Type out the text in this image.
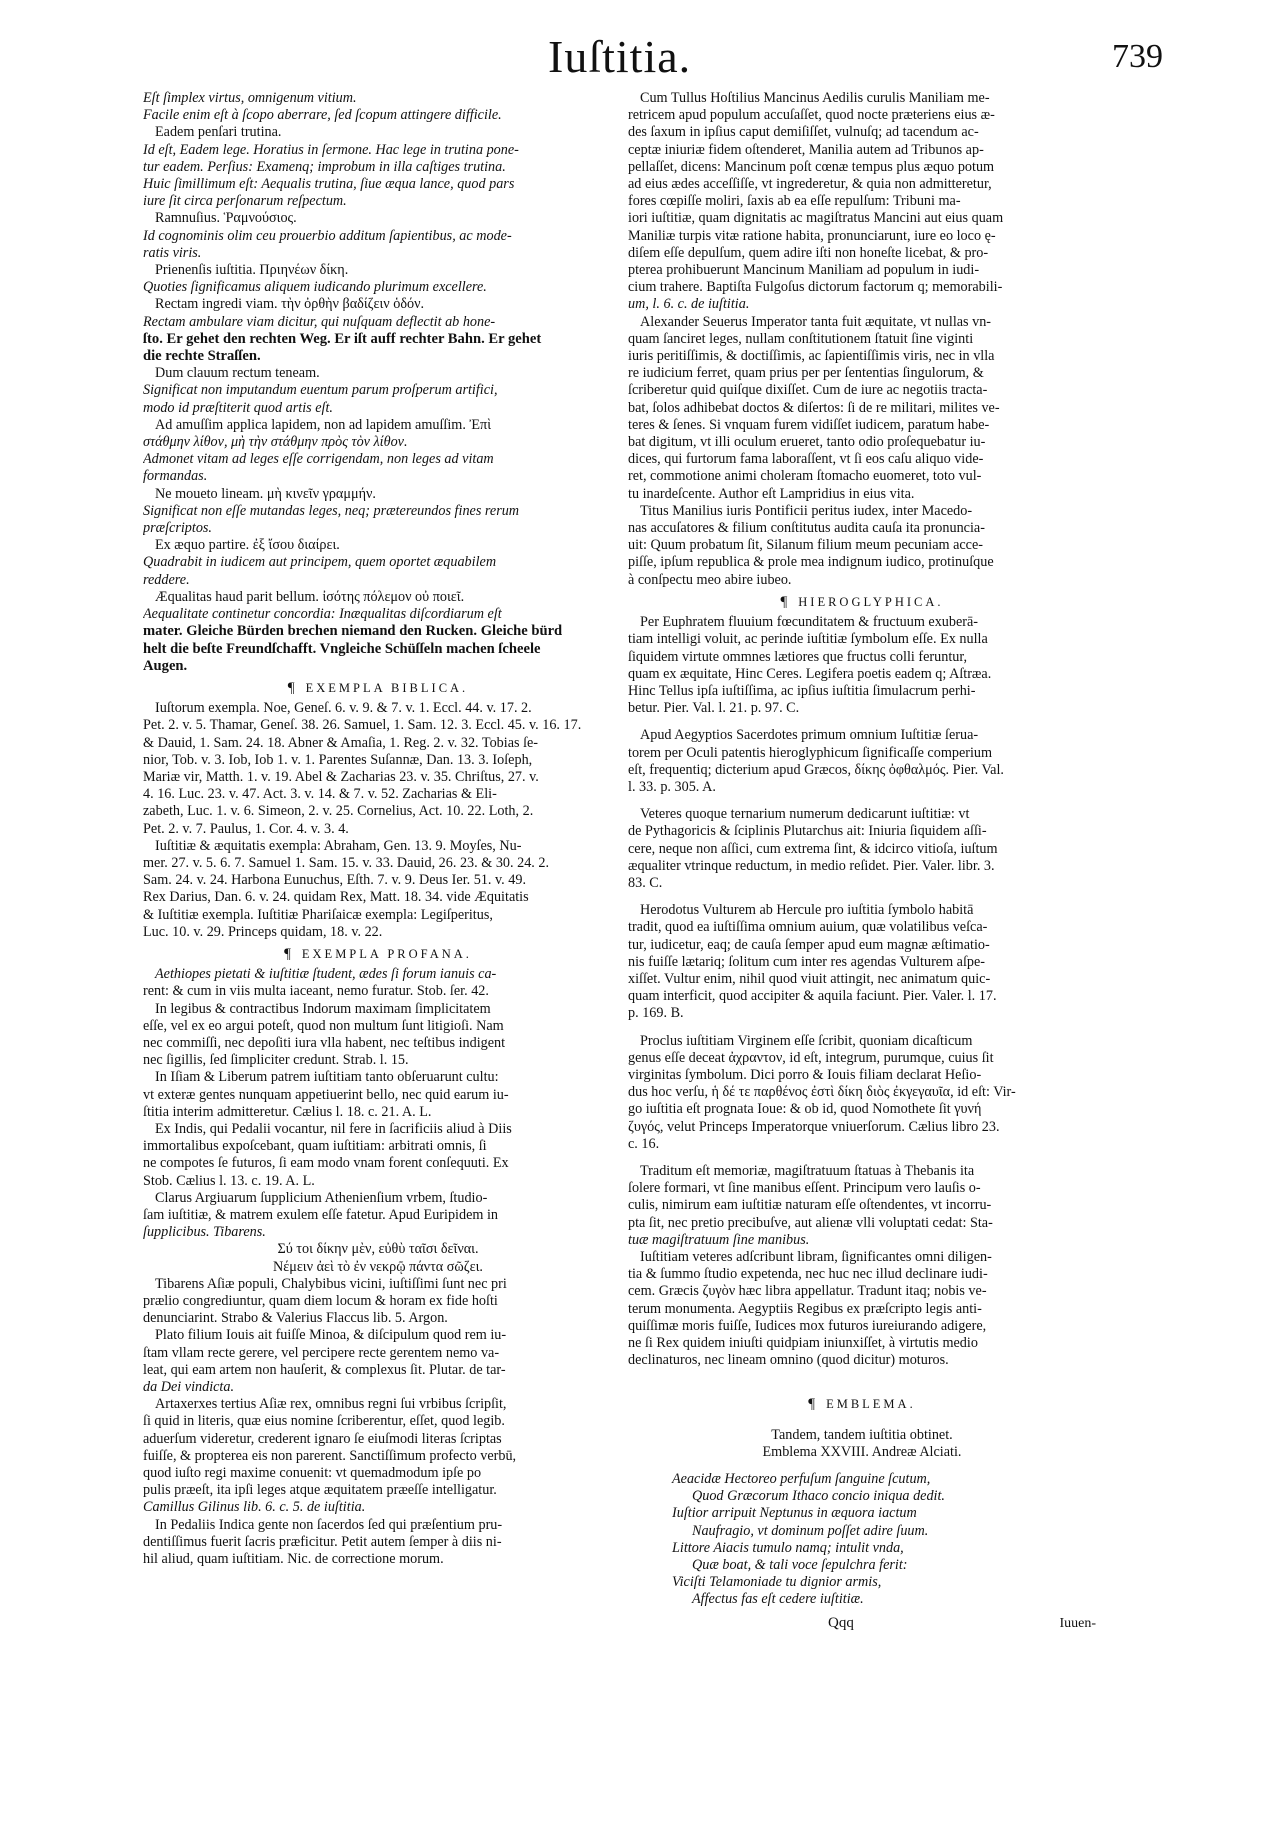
Iuſtitia.	739

Eſt ſimplex virtus, omnigenum vitium.

Facile enim eſt à ſcopo aberrare, ſed ſcopum attingere difficile.

Eadem penſari trutina.

Id eſt, Eadem lege. Horatius in ſermone. Hac lege in trutina pone-

tur eadem. Perſius: Examenq; improbum in illa caſtiges trutina.

Huic ſimillimum eſt: Aequalis trutina, ſiue æqua lance, quod pars

iure ſit circa perſonarum reſpectum.

Ramnuſius. Ῥαμνούσιος.

Id cognominis olim ceu prouerbio additum ſapientibus, ac mode-

ratis viris.

Prienenſis iuſtitia. Πριηνέων δίκη.

Quoties ſignificamus aliquem iudicando plurimum excellere.

Rectam ingredi viam. τὴν ὀρθὴν βαδίζειν ὁδόν.

Rectam ambulare viam dicitur, qui nuſquam deflectit ab hone-

ſto. Er gehet den rechten Weg. Er iſt auff rechter Bahn. Er gehet

die rechte Straſſen.

Dum clauum rectum teneam.

Significat non imputandum euentum parum proſperum artifici,

modo id præſtiterit quod artis eſt.

Ad amuſſim applica lapidem, non ad lapidem amuſſim. Ἐπὶ

στάθμην λίθον, μὴ τὴν στάθμην πρὸς τὸν λίθον.

Admonet vitam ad leges eſſe corrigendam, non leges ad vitam

formandas.

Ne moueto lineam. μὴ κινεῖν γραμμήν.

Significat non eſſe mutandas leges, neq; prætereundos fines rerum

præſcriptos.

Ex æquo partire. ἐξ ἴσου διαίρει.

Quadrabit in iudicem aut principem, quem oportet æquabilem

reddere.

Æqualitas haud parit bellum. ἰσότης πόλεμον οὐ ποιεῖ.

Aequalitate continetur concordia: Inæqualitas diſcordiarum eſt

mater. Gleiche Bürden brechen niemand den Rucken. Gleiche bürd

helt die beſte Freundſchafft. Vngleiche Schüſſeln machen ſcheele

Augen.

¶ EXEMPLA BIBLICA.

Iuſtorum exempla. Noe, Geneſ. 6. v. 9. & 7. v. 1. Eccl. 44. v. 17. 2.

Pet. 2. v. 5. Thamar, Geneſ. 38. 26. Samuel, 1. Sam. 12. 3. Eccl. 45. v. 16. 17.

& Dauid, 1. Sam. 24. 18. Abner & Amaſia, 1. Reg. 2. v. 32. Tobias ſe-

nior, Tob. v. 3. Iob, Iob 1. v. 1. Parentes Suſannæ, Dan. 13. 3. Ioſeph,

Mariæ vir, Matth. 1. v. 19. Abel & Zacharias 23. v. 35. Chriſtus, 27. v.

4. 16. Luc. 23. v. 47. Act. 3. v. 14. & 7. v. 52. Zacharias & Eli-

zabeth, Luc. 1. v. 6. Simeon, 2. v. 25. Cornelius, Act. 10. 22. Loth, 2.

Pet. 2. v. 7. Paulus, 1. Cor. 4. v. 3. 4.

Iuſtitiæ & æquitatis exempla: Abraham, Gen. 13. 9. Moyſes, Nu-

mer. 27. v. 5. 6. 7. Samuel 1. Sam. 15. v. 33. Dauid, 26. 23. & 30. 24. 2.

Sam. 24. v. 24. Harbona Eunuchus, Eſth. 7. v. 9. Deus Ier. 51. v. 49.

Rex Darius, Dan. 6. v. 24. quidam Rex, Matt. 18. 34. vide Æquitatis

& Iuſtitiæ exempla. Iuſtitiæ Phariſaicæ exempla: Legiſperitus,

Luc. 10. v. 29. Princeps quidam, 18. v. 22.

¶ EXEMPLA PROFANA.

Aethiopes pietati & iuſtitiæ ſtudent, ædes ſi forum ianuis ca-

rent: & cum in viis multa iaceant, nemo furatur. Stob. ſer. 42.

In legibus & contractibus Indorum maximam ſimplicitatem

eſſe, vel ex eo argui poteſt, quod non multum ſunt litigioſi. Nam

nec commiſſi, nec depoſiti iura vlla habent, nec teſtibus indigent

nec ſigillis, ſed ſimpliciter credunt. Strab. l. 15.

In Iſiam & Liberum patrem iuſtitiam tanto obſeruarunt cultu:

vt exteræ gentes nunquam appetiuerint bello, nec quid earum iu-

ſtitia interim admitteretur. Cælius l. 18. c. 21. A. L.

Ex Indis, qui Pedalii vocantur, nil fere in ſacrificiis aliud à Diis

immortalibus expoſcebant, quam iuſtitiam: arbitrati omnis, ſi

ne compotes ſe futuros, ſi eam modo vnam forent conſequuti. Ex

Stob. Cælius l. 13. c. 19. A. L.

Clarus Argiuarum ſupplicium Athenienſium vrbem, ſtudio-

ſam iuſtitiæ, & matrem exulem eſſe fatetur. Apud Euripidem in

ſupplicibus. Tibarens.

Σύ τοι δίκην μὲν, εὐθὺ ταῖσι δεῖναι.

Νέμειν ἀεὶ τὸ ἐν νεκρῷ πάντα σῶζει.

Tibarens Aſiæ populi, Chalybibus vicini, iuſtiſſimi ſunt nec pri

prælio congrediuntur, quam diem locum & horam ex fide hoſti

denunciarint. Strabo & Valerius Flaccus lib. 5. Argon.

Plato filium Iouis ait fuiſſe Minoa, & diſcipulum quod rem iu-

ſtam vllam recte gerere, vel percipere recte gerentem nemo va-

leat, qui eam artem non hauſerit, & complexus ſit. Plutar. de tar-

da Dei vindicta.

Artaxerxes tertius Aſiæ rex, omnibus regni ſui vrbibus ſcripſit,

ſi quid in literis, quæ eius nomine ſcriberentur, eſſet, quod legib.

aduerſum videretur, crederent ignaro ſe eiuſmodi literas ſcriptas

fuiſſe, & propterea eis non parerent. Sanctiſſimum profecto verbū,

quod iuſto regi maxime conuenit: vt quemadmodum ipſe po

pulis præeſt, ita ipſi leges atque æquitatem præeſſe intelligatur.

Camillus Gilinus lib. 6. c. 5. de iuſtitia.

In Pedaliis Indica gente non ſacerdos ſed qui præſentium pru-

dentiſſimus fuerit ſacris præficitur. Petit autem ſemper à diis ni-

hil aliud, quam iuſtitiam. Nic. de correctione morum.

Cum Tullus Hoſtilius Mancinus Aedilis curulis Maniliam me-

retricem apud populum accuſaſſet, quod nocte præteriens eius æ-

des ſaxum in ipſius caput demiſiſſet, vulnuſq; ad tacendum ac-

ceptæ iniuriæ fidem oſtenderet, Manilia autem ad Tribunos ap-

pellaſſet, dicens: Mancinum poſt cœnæ tempus plus æquo potum

ad eius ædes acceſſiſſe, vt ingrederetur, & quia non admitteretur,

fores cœpiſſe moliri, ſaxis ab ea eſſe repulſum: Tribuni ma-

iori iuſtitiæ, quam dignitatis ac magiſtratus Mancini aut eius quam

Maniliæ turpis vitæ ratione habita, pronunciarunt, iure eo loco ę-

diſem eſſe depulſum, quem adire iſti non honeſte licebat, & pro-

pterea prohibuerunt Mancinum Maniliam ad populum in iudi-

cium trahere. Baptiſta Fulgoſus dictorum factorum q; memorabili-

um, l. 6. c. de iuſtitia.

Alexander Seuerus Imperator tanta fuit æquitate, vt nullas vn-

quam ſanciret leges, nullam conſtitutionem ſtatuit ſine viginti

iuris peritiſſimis, & doctiſſimis, ac ſapientiſſimis viris, nec in vlla

re iudicium ferret, quam prius per per ſententias ſingulorum, &

ſcriberetur quid quiſque dixiſſet. Cum de iure ac negotiis tracta-

bat, ſolos adhibebat doctos & diſertos: ſi de re militari, milites ve-

teres & ſenes. Si vnquam furem vidiſſet iudicem, paratum habe-

bat digitum, vt illi oculum erueret, tanto odio proſequebatur iu-

dices, qui furtorum fama laboraſſent, vt ſi eos caſu aliquo vide-

ret, commotione animi choleram ſtomacho euomeret, toto vul-

tu inardeſcente. Author eſt Lampridius in eius vita.

Titus Manilius iuris Pontificii peritus iudex, inter Macedo-

nas accuſatores & filium conſtitutus audita cauſa ita pronuncia-

uit: Quum probatum ſit, Silanum filium meum pecuniam acce-

piſſe, ipſum republica & prole mea indignum iudico, protinuſque

à conſpectu meo abire iubeo.

¶ HIEROGLYPHICA.

Per Euphratem fluuium fœcunditatem & fructuum exuberā-

tiam intelligi voluit, ac perinde iuſtitiæ ſymbolum eſſe. Ex nulla

ſiquidem virtute ommnes lætiores que fructus colli feruntur,

quam ex æquitate, Hinc Ceres. Legifera poetis eadem q; Aſtræa.

Hinc Tellus ipſa iuſtiſſima, ac ipſius iuſtitia ſimulacrum perhi-

betur. Pier. Val. l. 21. p. 97. C.

Apud Aegyptios Sacerdotes primum omnium Iuſtitiæ ſerua-

torem per Oculi patentis hieroglyphicum ſignificaſſe comperium

eſt, frequentiq; dicterium apud Græcos, δίκης ὀφθαλμός. Pier. Val.

l. 33. p. 305. A.

Veteres quoque ternarium numerum dedicarunt iuſtitiæ: vt

de Pythagoricis & ſciplinis Plutarchus ait: Iniuria ſiquidem aſſi-

cere, neque non aſſici, cum extrema ſint, & idcirco vitioſa, iuſtum

æqualiter vtrinque reductum, in medio reſidet. Pier. Valer. libr. 3.

83. C.

Herodotus Vulturem ab Hercule pro iuſtitia ſymbolo habitā

tradit, quod ea iuſtiſſima omnium auium, quæ volatilibus veſca-

tur, iudicetur, eaq; de cauſa ſemper apud eum magnæ æſtimatio-

nis fuiſſe lætariq; ſolitum cum inter res agendas Vulturem aſpe-

xiſſet. Vultur enim, nihil quod viuit attingit, nec animatum quic-

quam interficit, quod accipiter & aquila faciunt. Pier. Valer. l. 17.

p. 169. B.

Proclus iuſtitiam Virginem eſſe ſcribit, quoniam dicaſticum

genus eſſe deceat ἀχραντον, id eſt, integrum, purumque, cuius ſit

virginitas ſymbolum. Dici porro & Iouis filiam declarat Heſio-

dus hoc verſu, ἡ δέ τε παρθένος ἐστὶ δίκη διὸς ἐκγεγαυῖα, id eſt: Vir-

go iuſtitia eſt prognata Ioue: & ob id, quod Nomothete ſit γυνή

ζυγός, velut Princeps Imperatorque vniuerſorum. Cælius libro 23.

c. 16.

Traditum eſt memoriæ, magiſtratuum ſtatuas à Thebanis ita

ſolere formari, vt ſine manibus eſſent. Principum vero lauſis o-

culis, nimirum eam iuſtitiæ naturam eſſe oſtendentes, vt incorru-

pta ſit, nec pretio precibuſve, aut alienæ vlli voluptati cedat: Sta-

tuæ magiſtratuum ſine manibus.

Iuſtitiam veteres adſcribunt libram, ſignificantes omni diligen-

tia & ſummo ſtudio expetenda, nec huc nec illud declinare iudi-

cem. Græcis ζυγὸν hæc libra appellatur. Tradunt itaq; nobis ve-

terum monumenta. Aegyptiis Regibus ex præſcripto legis anti-

quiſſimæ moris fuiſſe, Iudices mox futuros iureiurando adigere,

ne ſi Rex quidem iniuſti quidpiam iniunxiſſet, à virtutis medio

declinaturos, nec lineam omnino (quod dicitur) moturos.

¶ EMBLEMA.

Tandem, tandem iuſtitia obtinet.

Emblema XXVIII. Andreæ Alciati.

Aeacidæ Hectoreo perfuſum ſanguine ſcutum,

Quod Græcorum Ithaco concio iniqua dedit.

Iuſtior arripuit Neptunus in æquora iactum

Naufragio, vt dominum poſſet adire ſuum.

Littore Aiacis tumulo namq; intulit vnda,

Quæ boat, & tali voce ſepulchra ferit:

Viciſti Telamoniade tu dignior armis,

Affectus fas eſt cedere iuſtitiæ.

Qqq	Iuuen-
